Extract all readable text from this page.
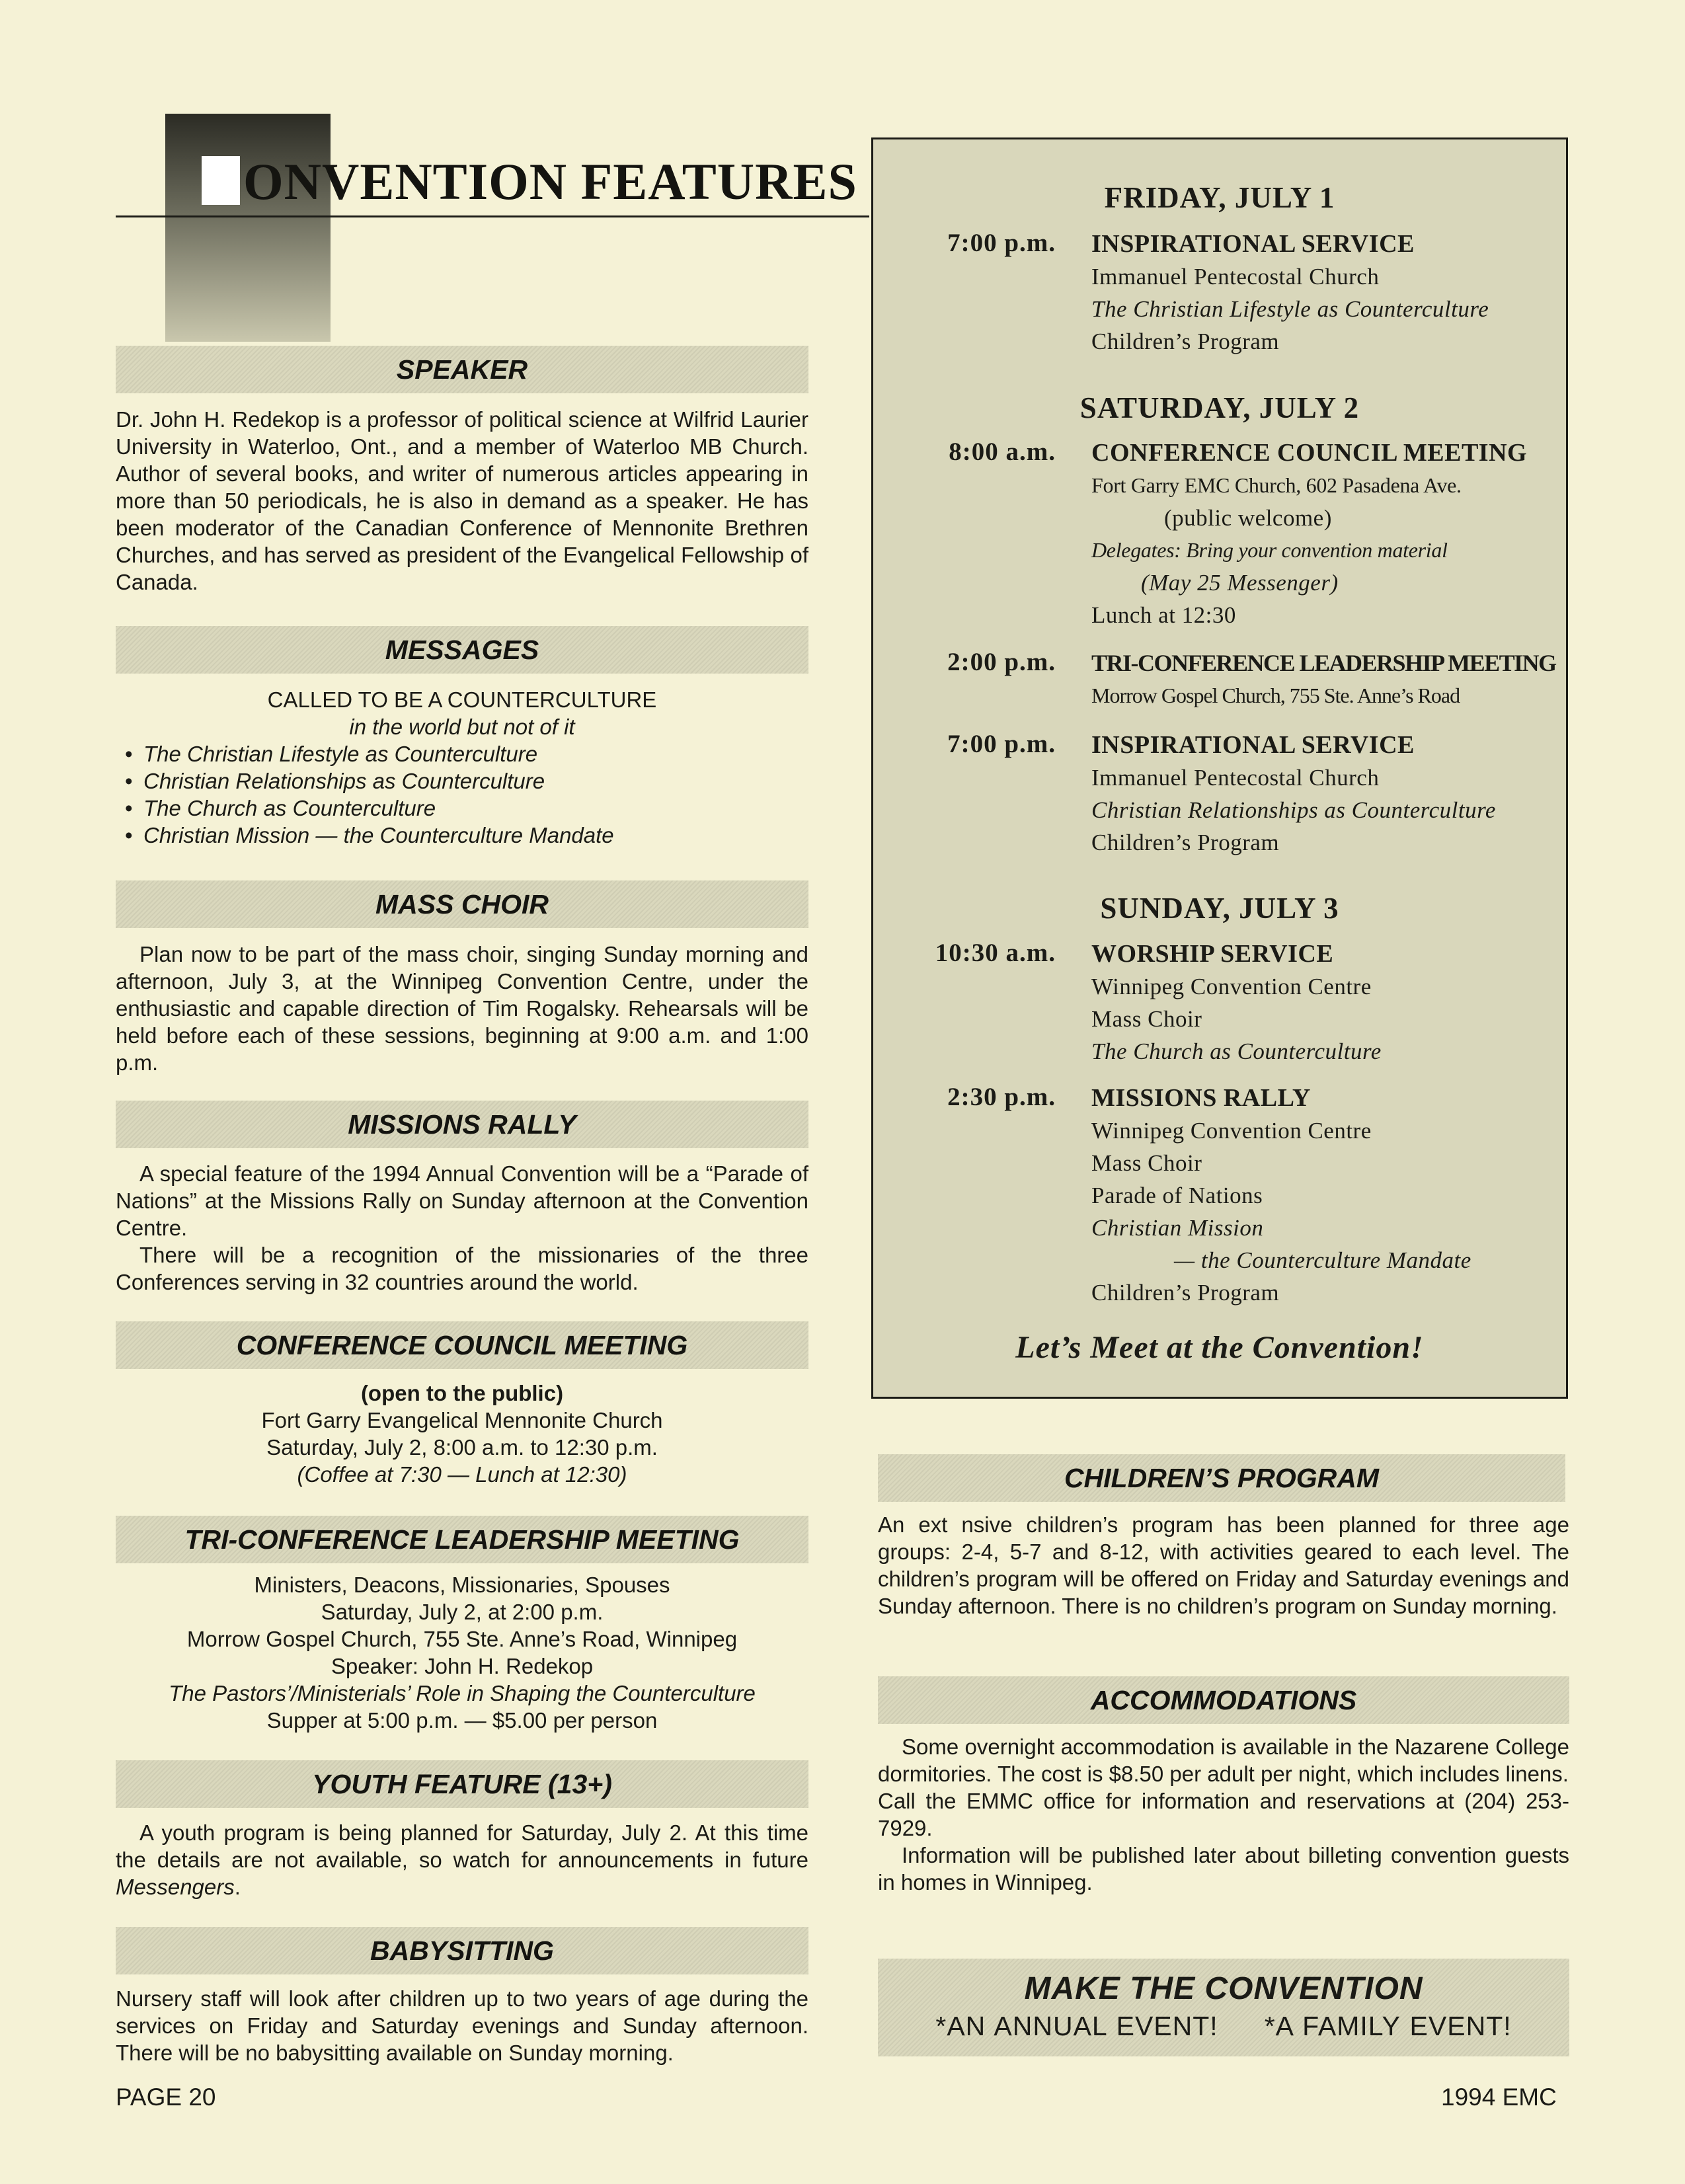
ONVENTION FEATURES
SPEAKER
Dr. John H. Redekop is a professor of political science at Wilfrid Laurier University in Waterloo, Ont., and a member of Waterloo MB Church. Author of several books, and writer of numerous articles appearing in more than 50 periodicals, he is also in demand as a speaker. He has been moderator of the Canadian Conference of Mennonite Brethren Churches, and has served as president of the Evangelical Fellowship of Canada.
MESSAGES
CALLED TO BE A COUNTERCULTURE
in the world but not of it
• The Christian Lifestyle as Counterculture
• Christian Relationships as Counterculture
• The Church as Counterculture
• Christian Mission — the Counterculture Mandate
MASS CHOIR

Plan now to be part of the mass choir, singing Sunday morning and afternoon, July 3, at the Winnipeg Convention Centre, under the enthusiastic and capable direction of Tim Rogalsky. Rehearsals will be held before each of these sessions, beginning at 9:00 a.m. and 1:00 p.m.

MISSIONS RALLY

A special feature of the 1994 Annual Convention will be a “Parade of Nations” at the Missions Rally on Sunday afternoon at the Convention Centre.

There will be a recognition of the missionaries of the three Conferences serving in 32 countries around the world.

CONFERENCE COUNCIL MEETING
(open to the public)
Fort Garry Evangelical Mennonite Church
Saturday, July 2, 8:00 a.m. to 12:30 p.m.
(Coffee at 7:30 — Lunch at 12:30)
TRI-CONFERENCE LEADERSHIP MEETING
Ministers, Deacons, Missionaries, Spouses
Saturday, July 2, at 2:00 p.m.
Morrow Gospel Church, 755 Ste. Anne’s Road, Winnipeg
Speaker: John H. Redekop
The Pastors’/Ministerials’ Role in Shaping the Counterculture
Supper at 5:00 p.m. — $5.00 per person
YOUTH FEATURE (13+)

A youth program is being planned for Saturday, July 2. At this time the details are not available, so watch for announcements in future Messengers.

BABYSITTING
Nursery staff will look after children up to two years of age during the services on Friday and Saturday evenings and Sunday afternoon. There will be no babysitting available on Sunday morning.
FRIDAY, JULY 1
7:00 p.m. INSPIRATIONAL SERVICE
Immanuel Pentecostal Church
The Christian Lifestyle as Counterculture
Children’s Program
SATURDAY, JULY 2
8:00 a.m. CONFERENCE COUNCIL MEETING
Fort Garry EMC Church, 602 Pasadena Ave.
(public welcome)
Delegates: Bring your convention material
(May 25 Messenger)
Lunch at 12:30
2:00 p.m. TRI-CONFERENCE LEADERSHIP MEETING
Morrow Gospel Church, 755 Ste. Anne’s Road
7:00 p.m. INSPIRATIONAL SERVICE
Immanuel Pentecostal Church
Christian Relationships as Counterculture
Children’s Program
SUNDAY, JULY 3
10:30 a.m. WORSHIP SERVICE
Winnipeg Convention Centre
Mass Choir
The Church as Counterculture
2:30 p.m. MISSIONS RALLY
Winnipeg Convention Centre
Mass Choir
Parade of Nations
Christian Mission
— the Counterculture Mandate
Children’s Program
Let’s Meet at the Convention!
CHILDREN’S PROGRAM
An ext nsive children’s program has been planned for three age groups: 2-4, 5-7 and 8-12, with activities geared to each level. The children’s program will be offered on Friday and Saturday evenings and Sunday afternoon. There is no children’s program on Sunday morning.
ACCOMMODATIONS

Some overnight accommodation is available in the Nazarene College dormitories. The cost is $8.50 per adult per night, which includes linens.

Call the EMMC office for information and reservations at (204) 253-7929.

Information will be published later about billeting convention guests in homes in Winnipeg.

MAKE THE CONVENTION
*AN ANNUAL EVENT! *A FAMILY EVENT!
PAGE 20	1994 EMC
